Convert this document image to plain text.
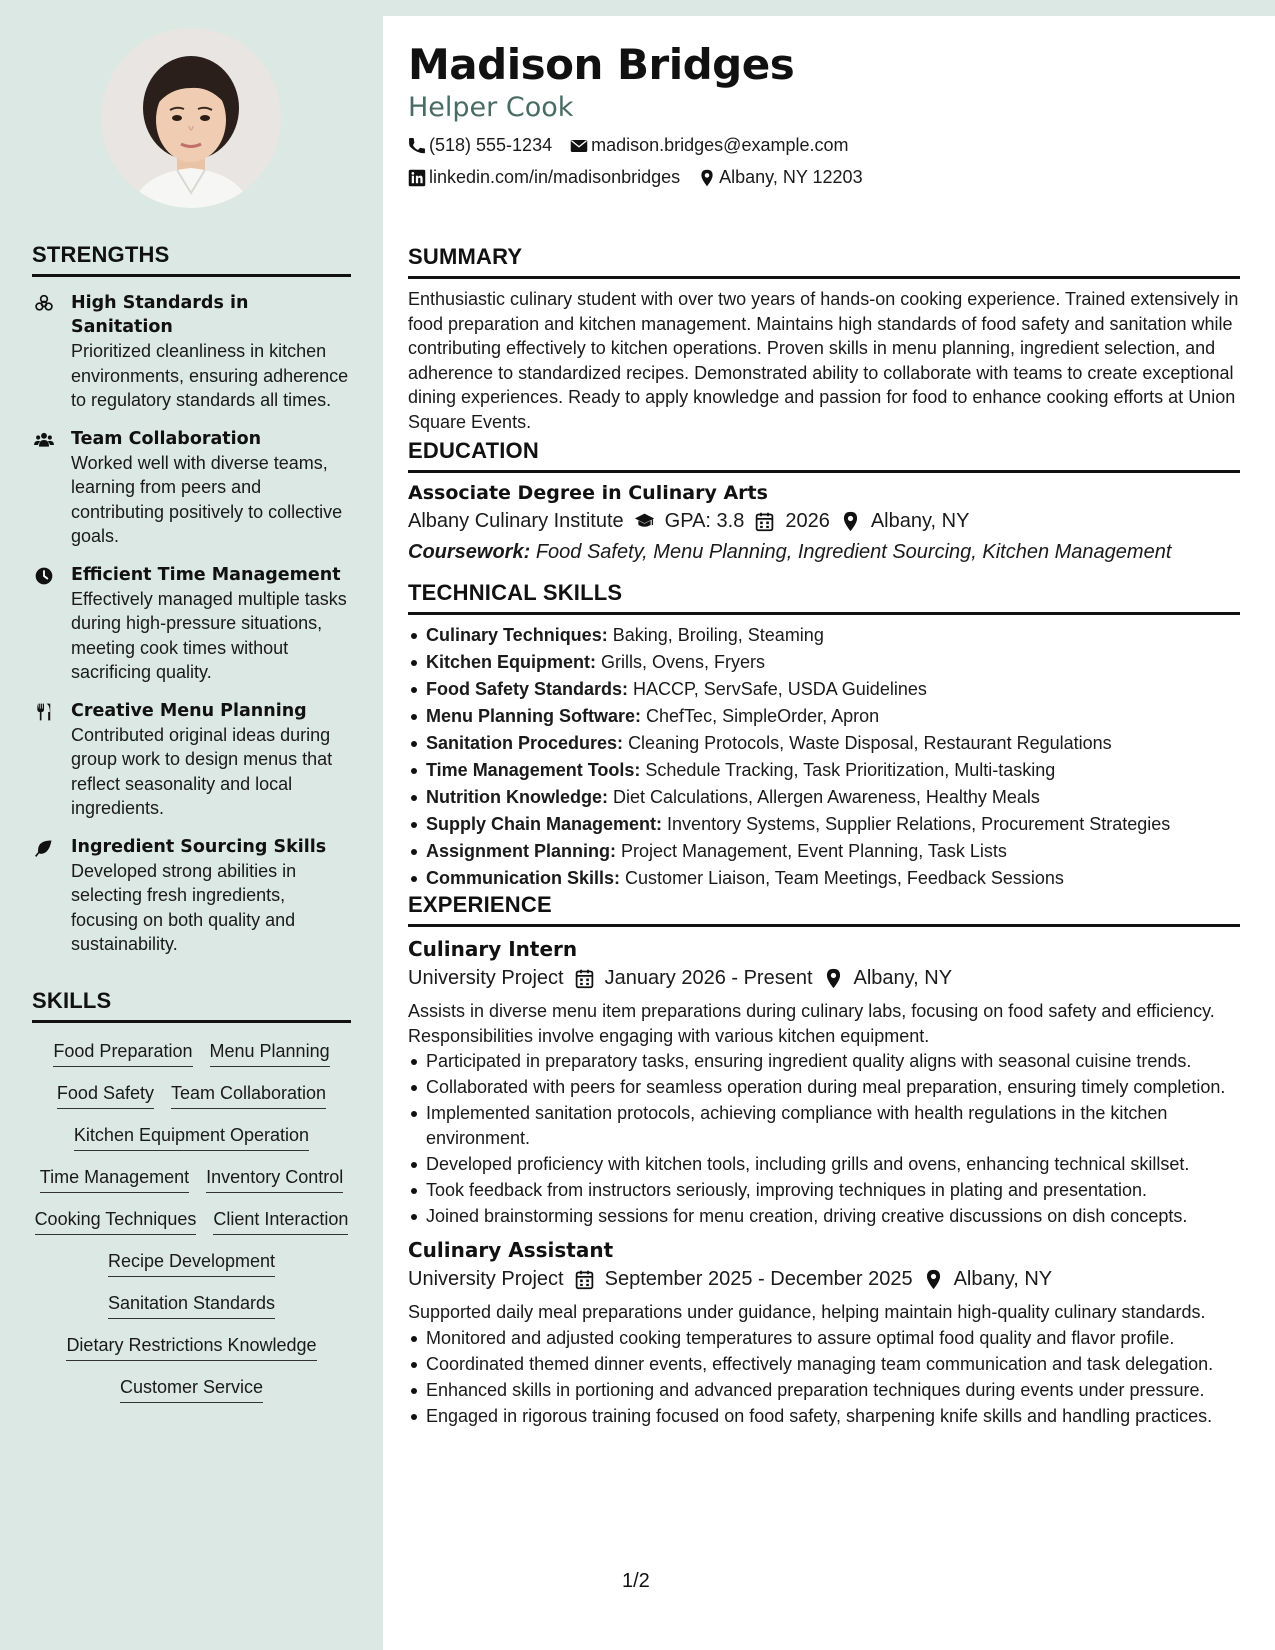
STRENGTHS
High Standards in Sanitation
Prioritized cleanliness in kitchen environments, ensuring adherence to regulatory standards all times.
Team Collaboration
Worked well with diverse teams, learning from peers and contributing positively to collective goals.
Efficient Time Management
Effectively managed multiple tasks during high-pressure situations, meeting cook times without sacrificing quality.
Creative Menu Planning
Contributed original ideas during group work to design menus that reflect seasonality and local ingredients.
Ingredient Sourcing Skills
Developed strong abilities in selecting fresh ingredients, focusing on both quality and sustainability.
SKILLS
Food Preparation Menu Planning
Food Safety Team Collaboration
Kitchen Equipment Operation
Time Management Inventory Control
Cooking Techniques Client Interaction
Recipe Development
Sanitation Standards
Dietary Restrictions Knowledge
Customer Service
Madison Bridges
Helper Cook
(518) 555-1234 madison.bridges@example.com
linkedin.com/in/madisonbridges Albany, NY 12203
SUMMARY

Enthusiastic culinary student with over two years of hands-on cooking experience. Trained extensively in food preparation and kitchen management. Maintains high standards of food safety and sanitation while contributing effectively to kitchen operations. Proven skills in menu planning, ingredient selection, and adherence to standardized recipes. Demonstrated ability to collaborate with teams to create exceptional dining experiences. Ready to apply knowledge and passion for food to enhance cooking efforts at Union Square Events.

EDUCATION
Associate Degree in Culinary Arts
Albany Culinary Institute GPA: 3.8 2026 Albany, NY
Coursework: Food Safety, Menu Planning, Ingredient Sourcing, Kitchen Management
TECHNICAL SKILLS
Culinary Techniques: Baking, Broiling, Steaming
Kitchen Equipment: Grills, Ovens, Fryers
Food Safety Standards: HACCP, ServSafe, USDA Guidelines
Menu Planning Software: ChefTec, SimpleOrder, Apron
Sanitation Procedures: Cleaning Protocols, Waste Disposal, Restaurant Regulations
Time Management Tools: Schedule Tracking, Task Prioritization, Multi-tasking
Nutrition Knowledge: Diet Calculations, Allergen Awareness, Healthy Meals
Supply Chain Management: Inventory Systems, Supplier Relations, Procurement Strategies
Assignment Planning: Project Management, Event Planning, Task Lists
Communication Skills: Customer Liaison, Team Meetings, Feedback Sessions
EXPERIENCE
Culinary Intern
University Project January 2026 - Present Albany, NY
Assists in diverse menu item preparations during culinary labs, focusing on food safety and efficiency. Responsibilities involve engaging with various kitchen equipment.
Participated in preparatory tasks, ensuring ingredient quality aligns with seasonal cuisine trends.
Collaborated with peers for seamless operation during meal preparation, ensuring timely completion.
Implemented sanitation protocols, achieving compliance with health regulations in the kitchen environment.
Developed proficiency with kitchen tools, including grills and ovens, enhancing technical skillset.
Took feedback from instructors seriously, improving techniques in plating and presentation.
Joined brainstorming sessions for menu creation, driving creative discussions on dish concepts.
Culinary Assistant
University Project September 2025 - December 2025 Albany, NY
Supported daily meal preparations under guidance, helping maintain high-quality culinary standards.
Monitored and adjusted cooking temperatures to assure optimal food quality and flavor profile.
Coordinated themed dinner events, effectively managing team communication and task delegation.
Enhanced skills in portioning and advanced preparation techniques during events under pressure.
Engaged in rigorous training focused on food safety, sharpening knife skills and handling practices.
1/2
